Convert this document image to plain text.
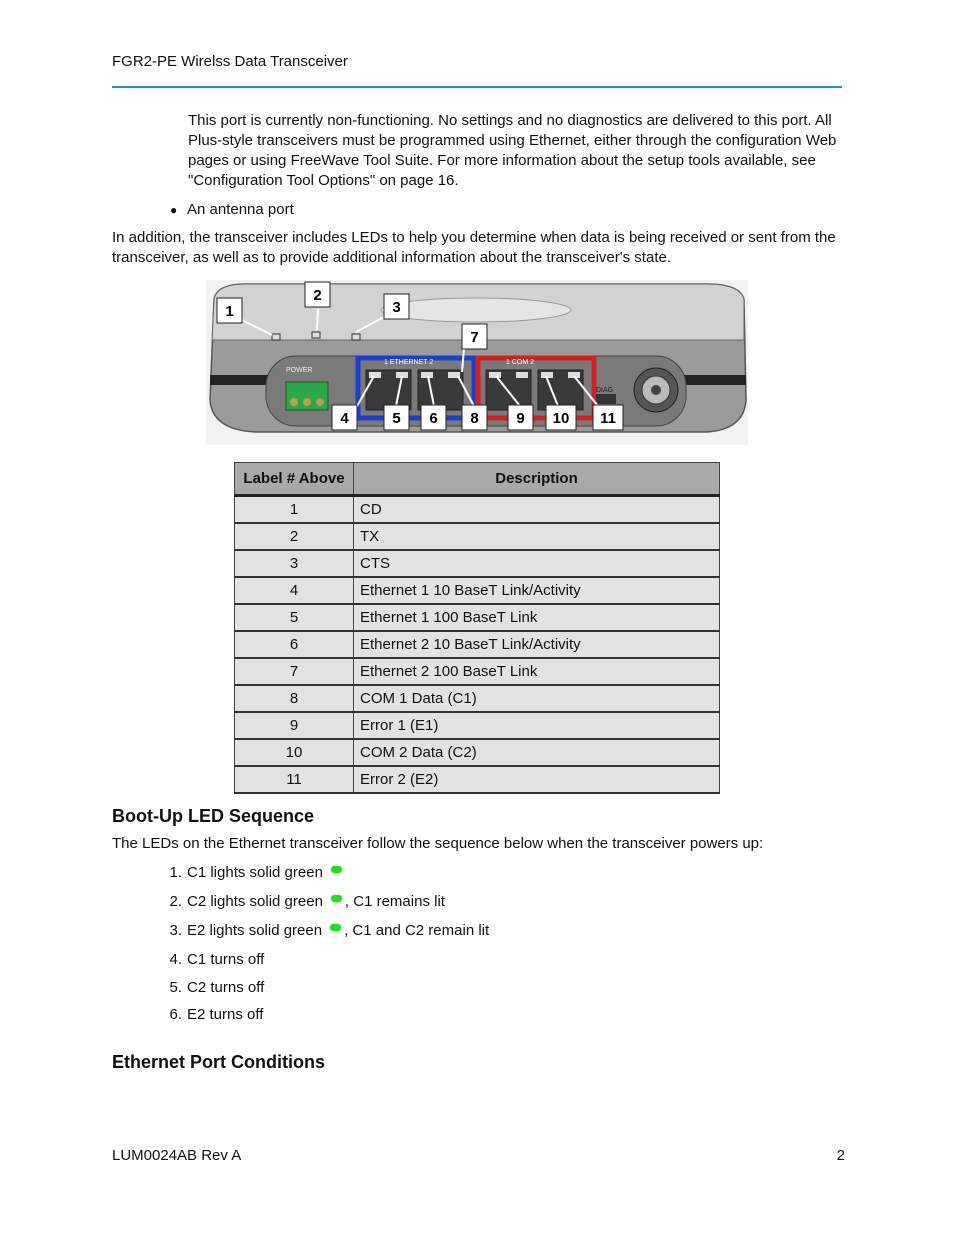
FGR2-PE Wirelss Data Transceiver
This port is currently non-functioning. No settings and no diagnostics are delivered to this port. All Plus-style transceivers must be programmed using Ethernet, either through the configuration Web pages or using FreeWave Tool Suite. For more information about the setup tools available, see "Configuration Tool Options" on page 16.
● An antenna port
In addition, the transceiver includes LEDs to help you determine when data is being received or sent from the transceiver, as well as to provide additional information about the transceiver's state.
POWER
1 ETHERNET 2	1 COM 2
DIAG
1
2
3
7
4	5 6 8	9 10 11
Label # Above	Description
1	CD
2	TX
3	CTS
4	Ethernet 1 10 BaseT Link/Activity
5	Ethernet 1 100 BaseT Link
6	Ethernet 2 10 BaseT Link/Activity
7	Ethernet 2 100 BaseT Link
8	COM 1 Data (C1)
9	Error 1 (E1)
10	COM 2 Data (C2)
11	Error 2 (E2)
Boot-Up LED Sequence
The LEDs on the Ethernet transceiver follow the sequence below when the transceiver powers up:
1. C1 lights solid green
2. C2 lights solid green , C1 remains lit
3. E2 lights solid green , C1 and C2 remain lit
4. C1 turns off
5. C2 turns off
6. E2 turns off
Ethernet Port Conditions
LUM0024AB Rev A	2
